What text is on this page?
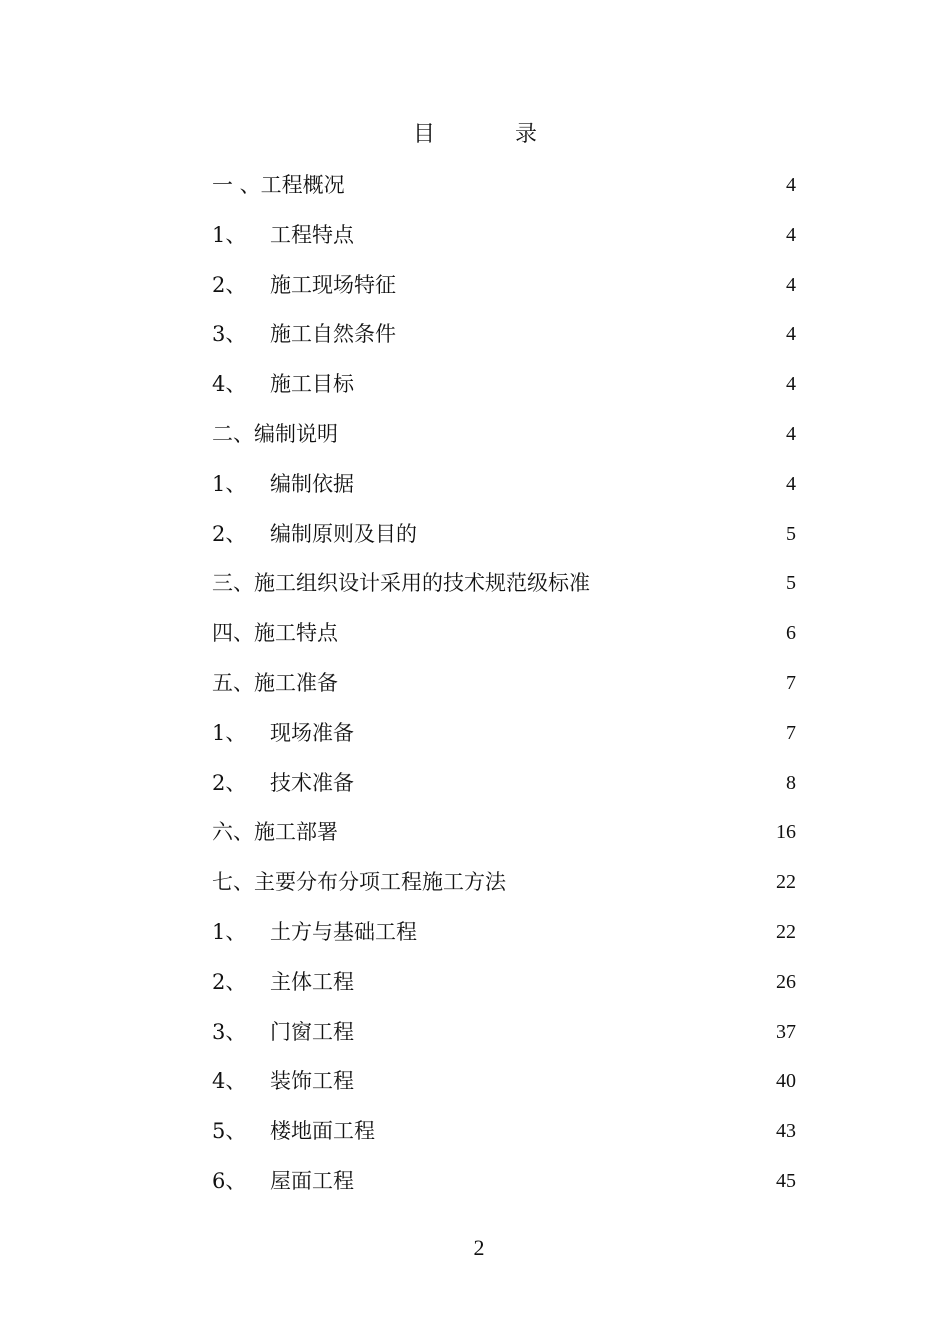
目	录
一 、工程概况	4
1、 工程特点	4
2、 施工现场特征	4
3、 施工自然条件	4
4、 施工目标	4
二、编制说明	4
1、 编制依据	4
2、 编制原则及目的	5
三、施工组织设计采用的技术规范级标准	5
四、施工特点	6
五、施工准备	7
1、 现场准备	7
2、 技术准备	8
六、施工部署	16
七、主要分布分项工程施工方法	22
1、 土方与基础工程	22
2、 主体工程	26
3、 门窗工程	37
4、 装饰工程	40
5、 楼地面工程	43
6、 屋面工程	45
2
